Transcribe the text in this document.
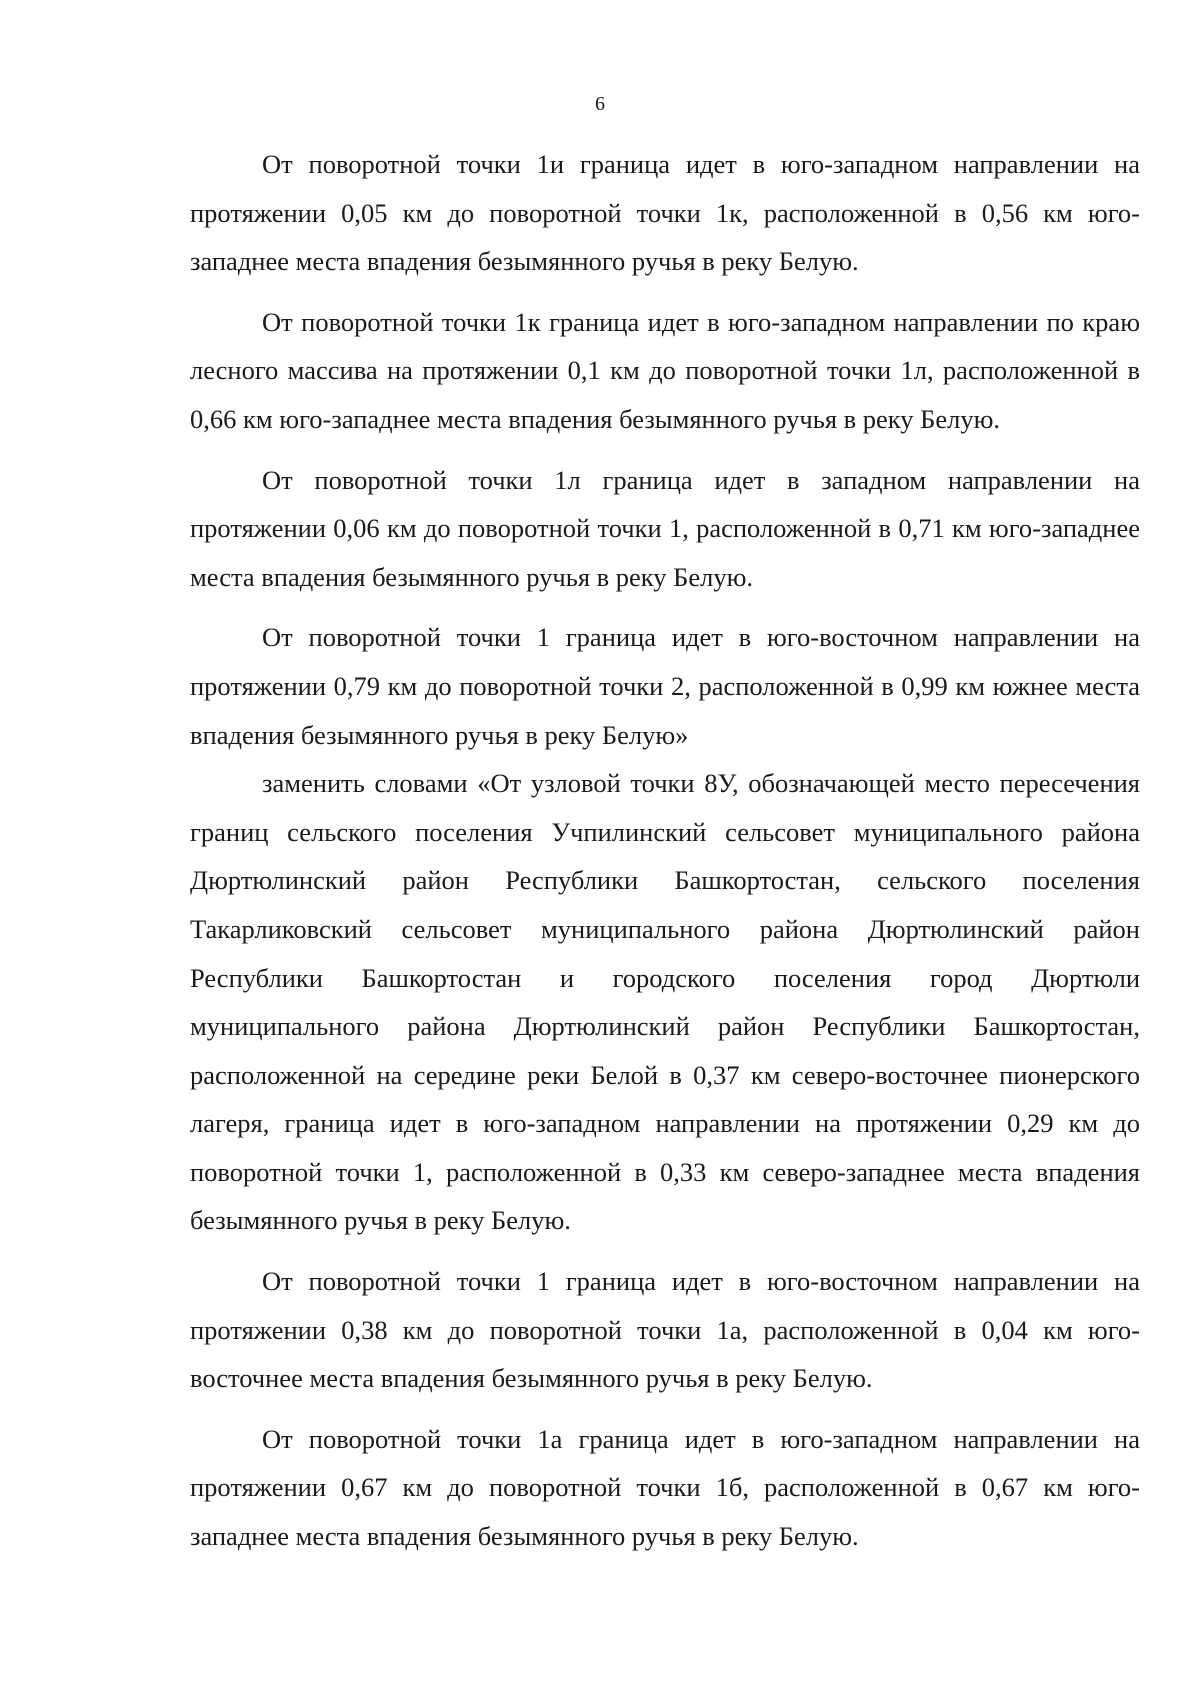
6

От поворотной точки 1и граница идет в юго-западном направлении на протяжении 0,05 км до поворотной точки 1к, расположенной в 0,56 км юго-западнее места впадения безымянного ручья в реку Белую.

От поворотной точки 1к граница идет в юго-западном направлении по краю лесного массива на протяжении 0,1 км до поворотной точки 1л, расположенной в 0,66 км юго-западнее места впадения безымянного ручья в реку Белую.

От поворотной точки 1л граница идет в западном направлении на протяжении 0,06 км до поворотной точки 1, расположенной в 0,71 км юго-западнее места впадения безымянного ручья в реку Белую.

От поворотной точки 1 граница идет в юго-восточном направлении на протяжении 0,79 км до поворотной точки 2, расположенной в 0,99 км южнее места впадения безымянного ручья в реку Белую»

заменить словами «От узловой точки 8У, обозначающей место пересечения границ сельского поселения Учпилинский сельсовет муниципального района Дюртюлинский район Республики Башкортостан, сельского поселения Такарликовский сельсовет муниципального района Дюртюлинский район Республики Башкортостан и городского поселения город Дюртюли муниципального района Дюртюлинский район Республики Башкортостан, расположенной на середине реки Белой в 0,37 км северо-восточнее пионерского лагеря, граница идет в юго-западном направлении на протяжении 0,29 км до поворотной точки 1, расположенной в 0,33 км северо-западнее места впадения безымянного ручья в реку Белую.

От поворотной точки 1 граница идет в юго-восточном направлении на протяжении 0,38 км до поворотной точки 1а, расположенной в 0,04 км юго-восточнее места впадения безымянного ручья в реку Белую.

От поворотной точки 1а граница идет в юго-западном направлении на протяжении 0,67 км до поворотной точки 1б, расположенной в 0,67 км юго-западнее места впадения безымянного ручья в реку Белую.
